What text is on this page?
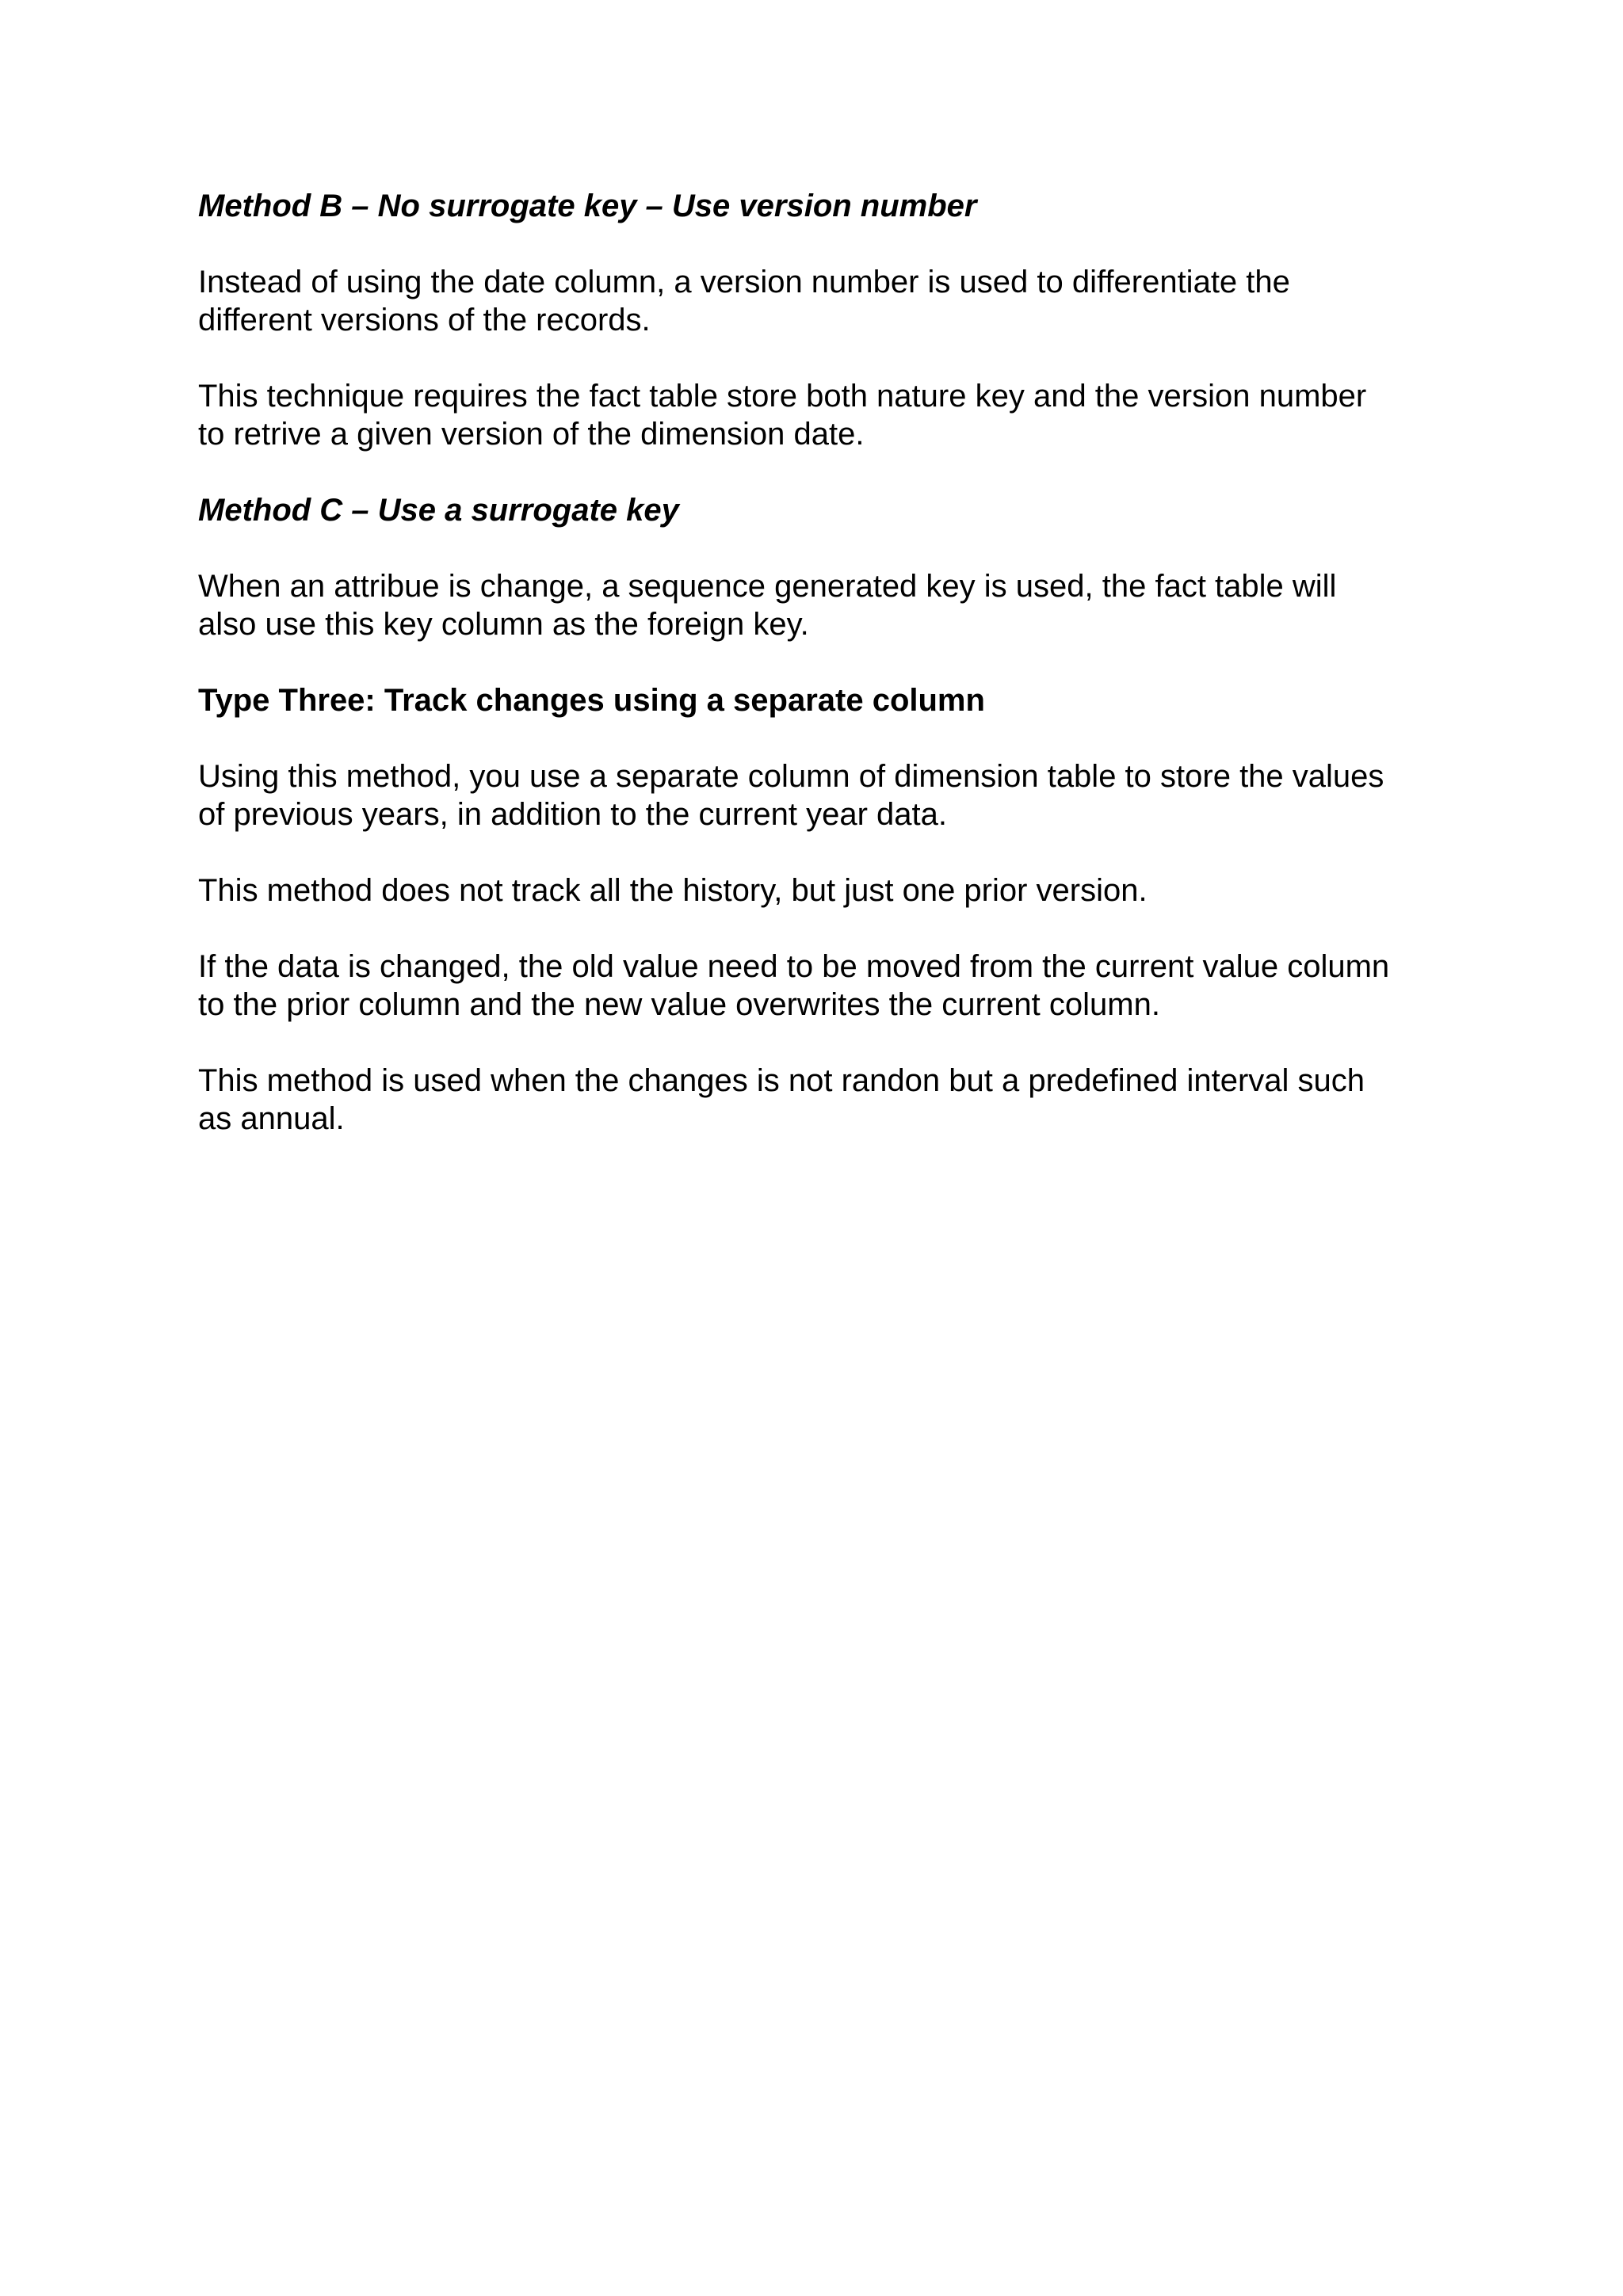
Method B – No surrogate key – Use version number

Instead of using the date column, a version number is used to differentiate the
different versions of the records.

This technique requires the fact table store both nature key and the version number
to retrive a given version of the dimension date.

Method C – Use a surrogate key

When an attribue is change, a sequence generated key is used, the fact table will
also use this key column as the foreign key.

Type Three: Track changes using a separate column

Using this method, you use a separate column of dimension table to store the values
of previous years, in addition to the current year data.

This method does not track all the history, but just one prior version.

If the data is changed, the old value need to be moved from the current value column
to the prior column and the new value overwrites the current column.

This method is used when the changes is not randon but a predefined interval such
as annual.
